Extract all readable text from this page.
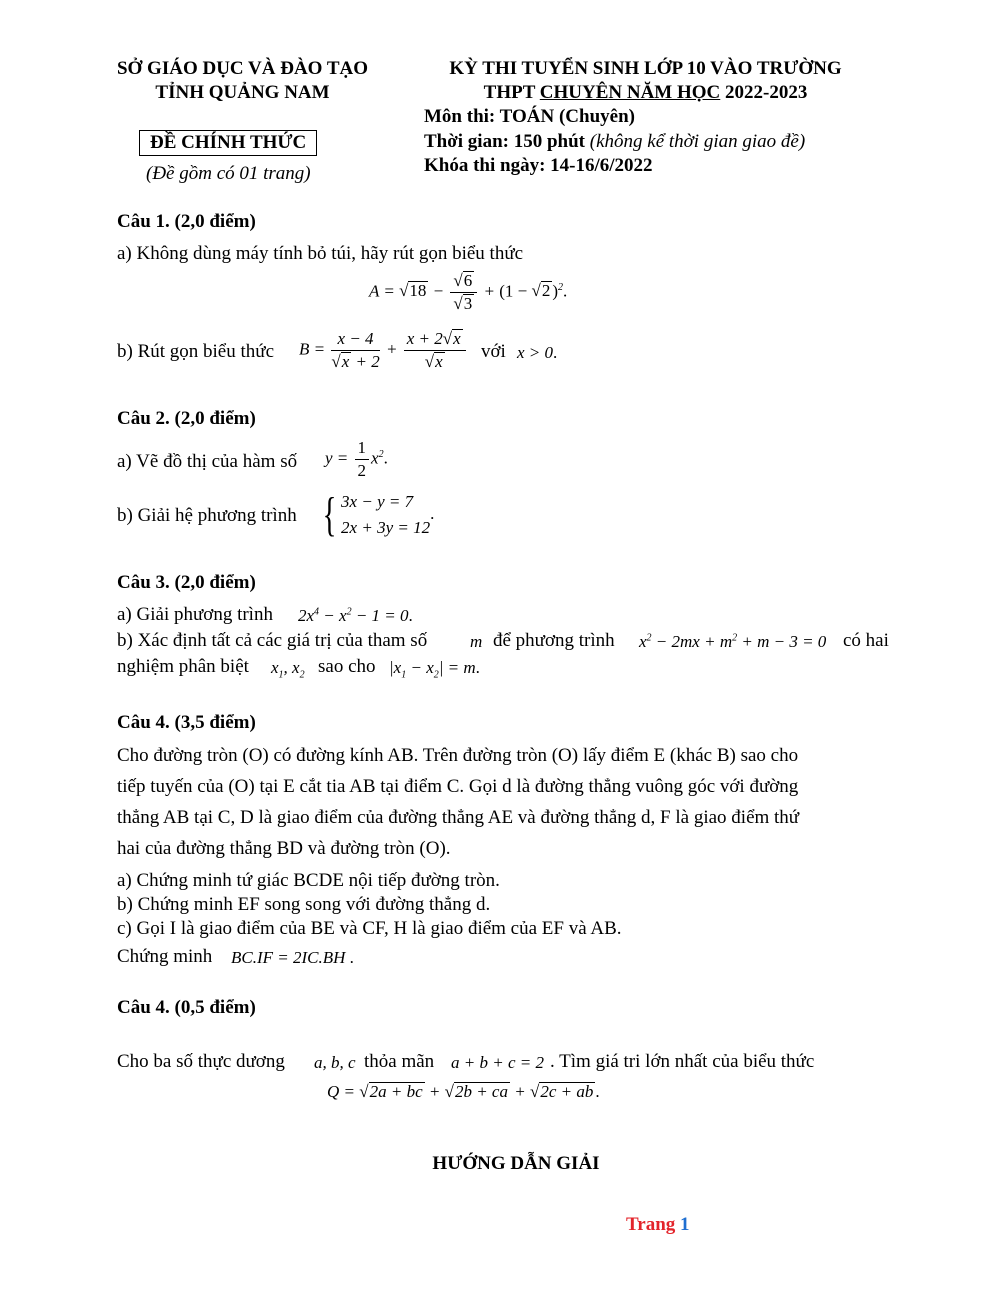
SỞ GIÁO DỤC VÀ ĐÀO TẠO
TỈNH QUẢNG NAM
ĐỀ CHÍNH THỨC
(Đề gồm có 01 trang)
KỲ THI TUYỂN SINH LỚP 10 VÀO TRƯỜNG
THPT CHUYÊN NĂM HỌC 2022-2023
Môn thi: TOÁN (Chuyên)
Thời gian: 150 phút (không kể thời gian giao đề)
Khóa thi ngày: 14-16/6/2022
Câu 1. (2,0 điểm)
a) Không dùng máy tính bỏ túi, hãy rút gọn biểu thức
$A = √18 - \frac{√6}{√3} + (1 - √2$ )$^2$.
b) Rút gọn biểu thức $B = \frac{x - 4}{√x + 2} + \frac{x + 2√x}{√x}$ với x > 0.
Câu 2. (2,0 điểm)
a) Vẽ đồ thị của hàm số $y = \frac{1}{2} x^2$.
b) Giải hệ phương trình { 3x − y = 7
2x + 3y = 12.
Câu 3. (2,0 điểm)
a) Giải phương trình $2x^4 - x^2 - 1 = 0$.
b) Xác định tất cả các giá trị của tham số	m để phương trình $x^2 - 2mx + m^2 + m - 3 = 0$ có hai
nghiệm phân biệt $x_1$, $x_2$ sao cho $|x_1 - x_2| = m$.
Câu 4. (3,5 điểm)
Cho đường tròn (O) có đường kính AB. Trên đường tròn (O) lấy điểm E (khác B) sao cho
tiếp tuyến của (O) tại E cắt tia AB tại điểm C. Gọi d là đường thẳng vuông góc với đường
thẳng AB tại C, D là giao điểm của đường thẳng AE và đường thẳng d, F là giao điểm thứ
hai của đường thẳng BD và đường tròn (O).
a) Chứng minh tứ giác BCDE nội tiếp đường tròn.
b) Chứng minh EF song song với đường thẳng d.
c) Gọi I là giao điểm của BE và CF, H là giao điểm của EF và AB.
Chứng minh BC.IF = 2IC.BH .
Câu 4. (0,5 điểm)
Cho ba số thực dương a, b, c thỏa mãn a + b + c = 2 . Tìm giá tri lớn nhất của biểu thức
Q = √2a + bc + √2b + ca + √2c + ab .
HƯỚNG DẪN GIẢI
Trang 1
